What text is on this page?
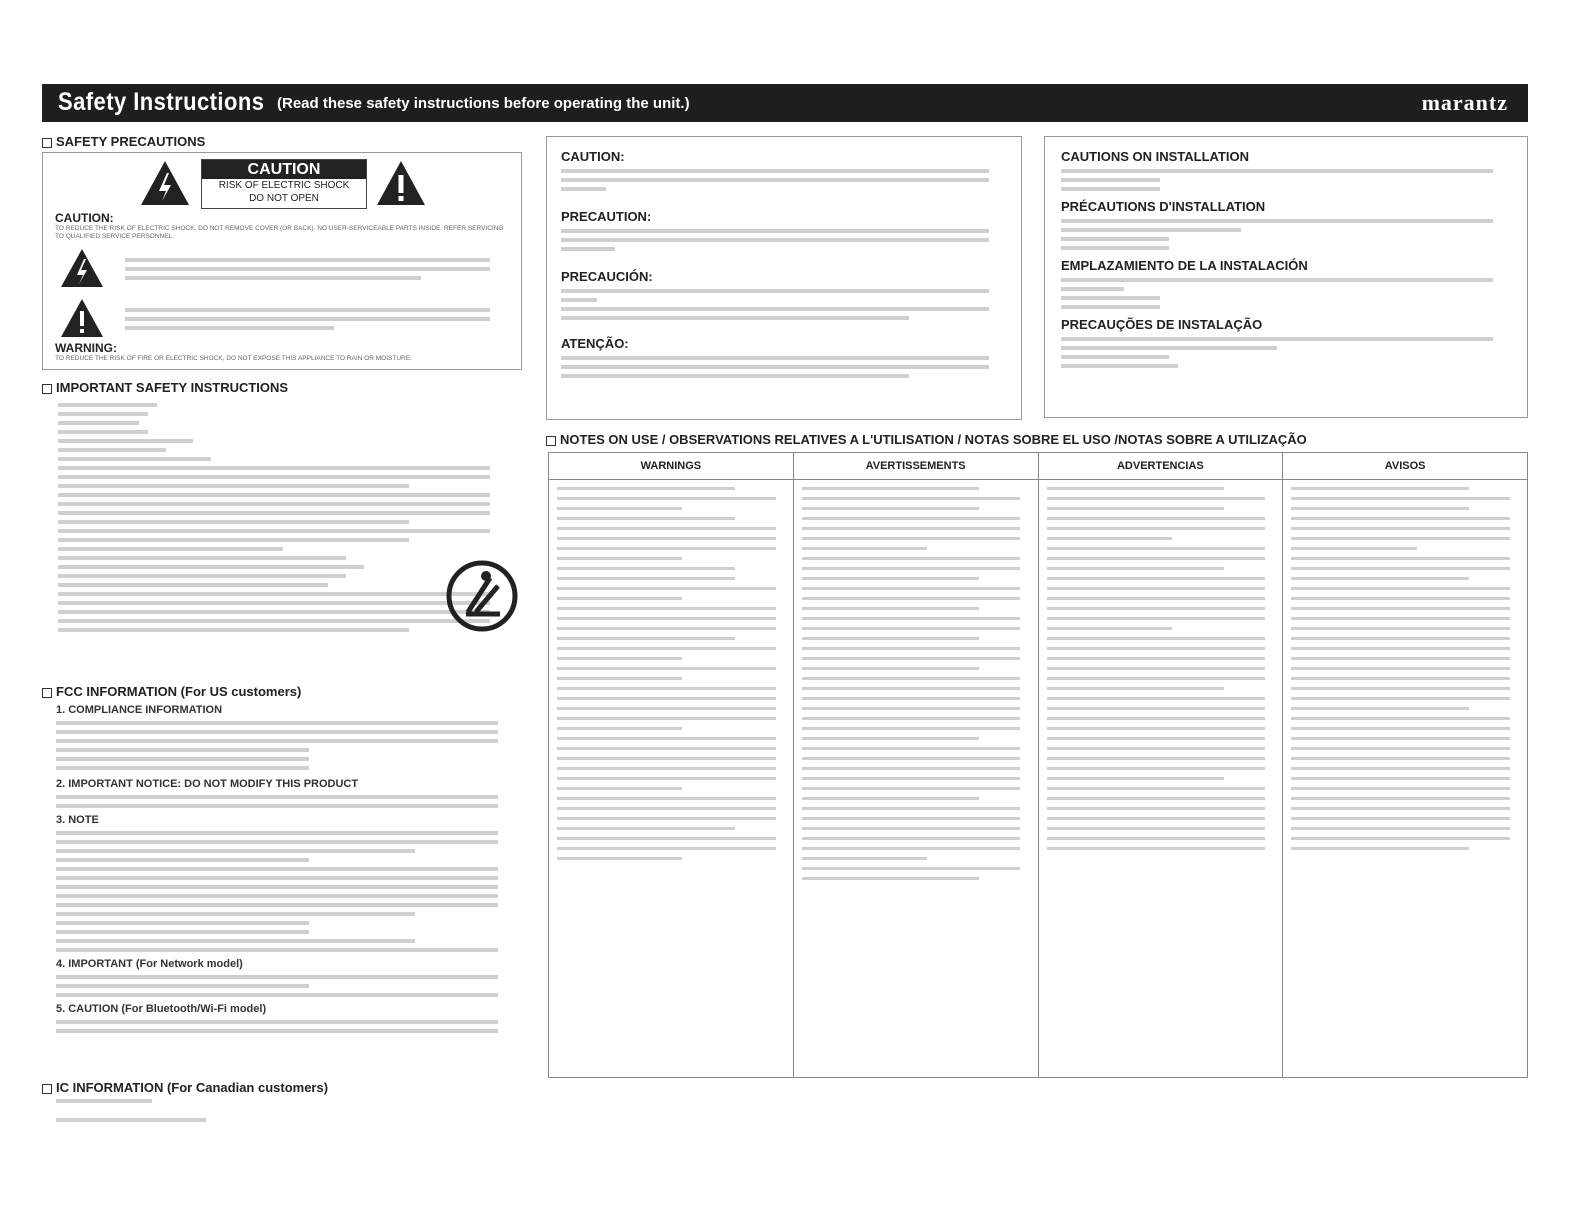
Safety Instructions (Read these safety instructions before operating the unit.)	marantz
SAFETY PRECAUTIONS
CAUTION
RISK OF ELECTRIC SHOCK
DO NOT OPEN
CAUTION:
TO REDUCE THE RISK OF ELECTRIC SHOCK, DO NOT REMOVE COVER (OR BACK). NO USER-SERVICEABLE PARTS INSIDE. REFER SERVICING TO QUALIFIED SERVICE PERSONNEL.
WARNING:
TO REDUCE THE RISK OF FIRE OR ELECTRIC SHOCK, DO NOT EXPOSE THIS APPLIANCE TO RAIN OR MOISTURE.
IMPORTANT SAFETY INSTRUCTIONS
FCC INFORMATION (For US customers)
1. COMPLIANCE INFORMATION
2. IMPORTANT NOTICE: DO NOT MODIFY THIS PRODUCT
3. NOTE
4. IMPORTANT (For Network model)
5. CAUTION (For Bluetooth/Wi-Fi model)
IC INFORMATION (For Canadian customers)
CAUTION:
PRECAUTION:
PRECAUCIÓN:
ATENÇÃO:
CAUTIONS ON INSTALLATION
PRÉCAUTIONS D'INSTALLATION
EMPLAZAMIENTO DE LA INSTALACIÓN
PRECAUÇÕES DE INSTALAÇÃO
NOTES ON USE / OBSERVATIONS RELATIVES A L'UTILISATION / NOTAS SOBRE EL USO /NOTAS SOBRE A UTILIZAÇÃO
WARNINGS	AVERTISSEMENTS	ADVERTENCIAS	AVISOS
